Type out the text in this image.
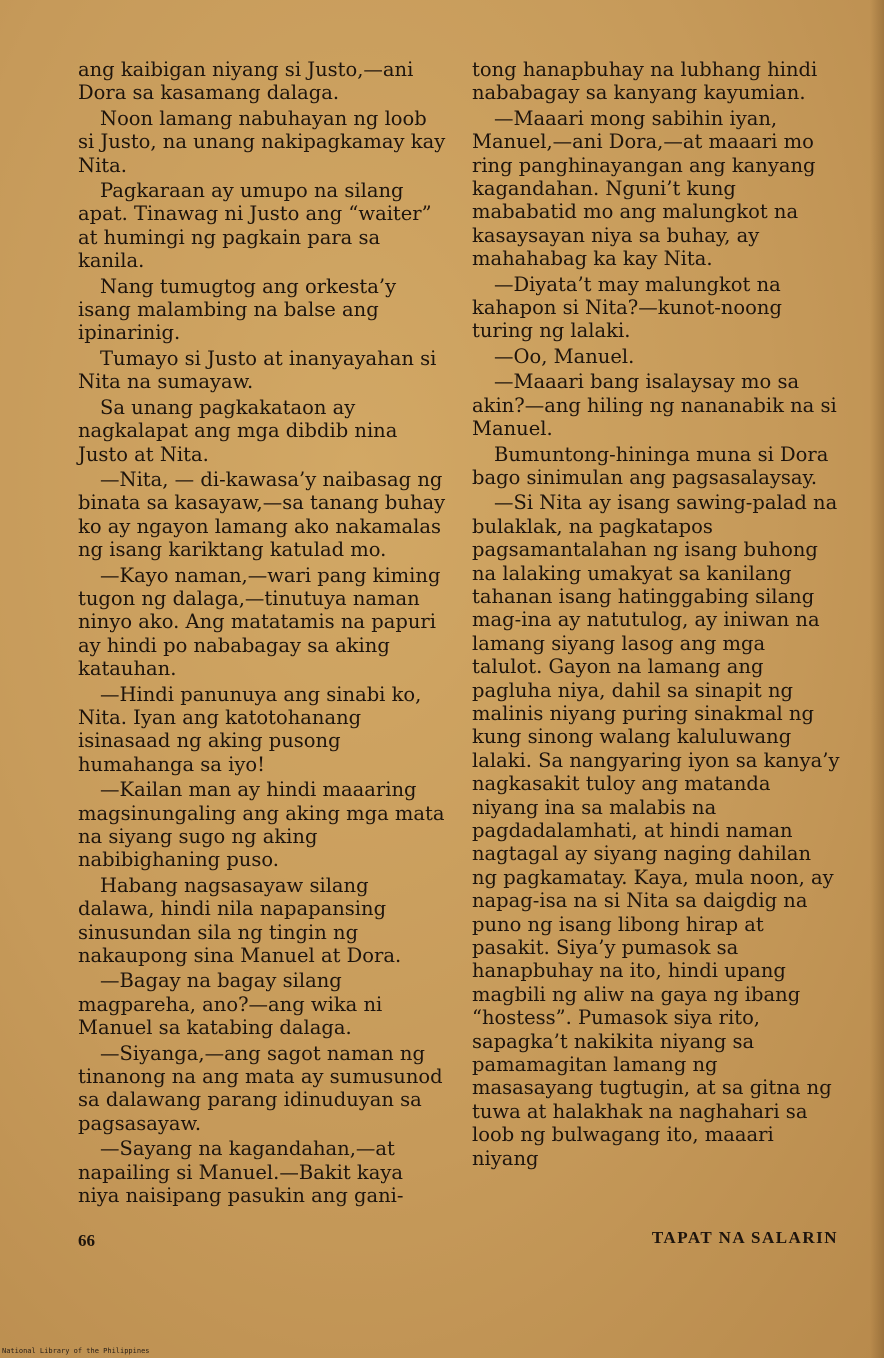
ang kaibigan niyang si Justo,—ani Dora sa kasamang dalaga.

Noon lamang nabuhayan ng loob si Justo, na unang nakipagkamay kay Nita.

Pagkaraan ay umupo na silang apat. Tinawag ni Justo ang “waiter” at humingi ng pagkain para sa kanila.

Nang tumugtog ang orkesta’y isang malambing na balse ang ipinarinig.

Tumayo si Justo at inanyayahan si Nita na sumayaw.

Sa unang pagkakataon ay nagkalapat ang mga dibdib nina Justo at Nita.

—Nita, — di-kawasa’y naibasag ng binata sa kasayaw,—sa tanang buhay ko ay ngayon lamang ako nakamalas ng isang kariktang katulad mo.

—Kayo naman,—wari pang kiming tugon ng dalaga,—tinutuya naman ninyo ako. Ang matatamis na papuri ay hindi po nababagay sa aking katauhan.

—Hindi panunuya ang sinabi ko, Nita. Iyan ang katotohanang isinasaad ng aking pusong humahanga sa iyo!

—Kailan man ay hindi maaaring magsinungaling ang aking mga mata na siyang sugo ng aking nabibighaning puso.

Habang nagsasayaw silang dalawa, hindi nila napapansing sinusundan sila ng tingin ng nakaupong sina Manuel at Dora.

—Bagay na bagay silang magpareha, ano?—ang wika ni Manuel sa katabing dalaga.

—Siyanga,—ang sagot naman ng tinanong na ang mata ay sumusunod sa dalawang parang idinuduyan sa pagsasayaw.

—Sayang na kagandahan,—at napailing si Manuel.—Bakit kaya niya naisipang pasukin ang gani-

tong hanapbuhay na lubhang hindi nababagay sa kanyang kayumian.

—Maaari mong sabihin iyan, Manuel,—ani Dora,—at maaari mo ring panghinayangan ang kanyang kagandahan. Nguni’t kung mababatid mo ang malungkot na kasaysayan niya sa buhay, ay mahahabag ka kay Nita.

—Diyata’t may malungkot na kahapon si Nita?—kunot-noong turing ng lalaki.

—Oo, Manuel.

—Maaari bang isalaysay mo sa akin?—ang hiling ng nananabik na si Manuel.

Bumuntong-hininga muna si Dora bago sinimulan ang pagsasalaysay.

—Si Nita ay isang sawing-palad na bulaklak, na pagkatapos pagsamantalahan ng isang buhong na lalaking umakyat sa kanilang tahanan isang hatinggabing silang mag-ina ay natutulog, ay iniwan na lamang siyang lasog ang mga talulot. Gayon na lamang ang pagluha niya, dahil sa sinapit ng malinis niyang puring sinakmal ng kung sinong walang kaluluwang lalaki. Sa nangyaring iyon sa kanya’y nagkasakit tuloy ang matanda niyang ina sa malabis na pagdadalamhati, at hindi naman nagtagal ay siyang naging dahilan ng pagkamatay. Kaya, mula noon, ay napag-isa na si Nita sa daigdig na puno ng isang libong hirap at pasakit. Siya’y pumasok sa hanapbuhay na ito, hindi upang magbili ng aliw na gaya ng ibang “hostess”. Pumasok siya rito, sapagka’t nakikita niyang sa pamamagitan lamang ng masasayang tugtugin, at sa gitna ng tuwa at halakhak na naghahari sa loob ng bulwagang ito, maaari niyang

66	TAPAT NA SALARIN
National Library of the Philippines
